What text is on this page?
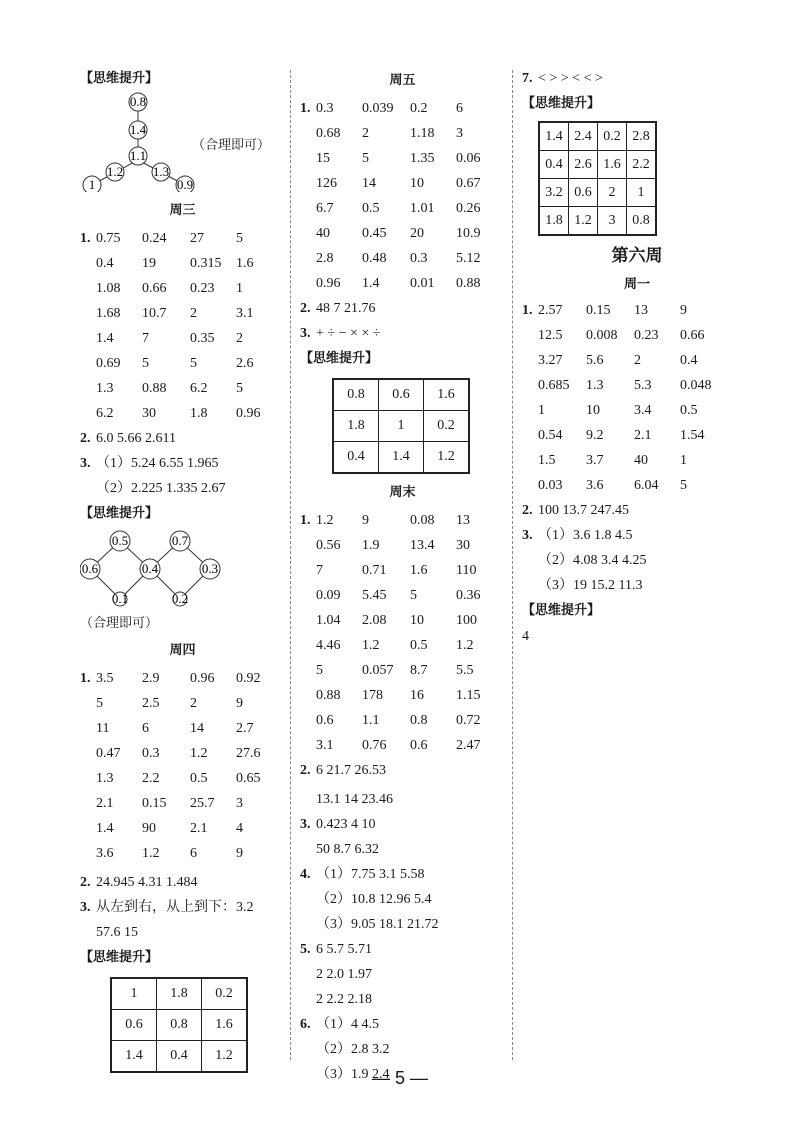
【思维提升】
0.8
1.4
1.1
1.2
1
1.3
0.9
（合理即可）
周三
1. 0.75 0.24 27 5
0.4 19 0.315 1.6
1.08 0.66 0.23 1
1.68 10.7 2	3.1
1.4 7	0.35 2
0.69 5	5	2.6
1.3 0.88 6.2 5
6.2 30 1.8 0.96
2. 6.0 5.66 2.611
3. （1）5.24 6.55 1.965
（2）2.225 1.335 2.67
【思维提升】
0.5	0.7
0.6	0.4	0.3
0.1	0.2
（合理即可）
周四
1. 3.5 2.9 0.96 0.92
5	2.5 2	9
11 6	14 2.7
0.47 0.3 1.2 27.6
1.3 2.2 0.5 0.65
2.1 0.15 25.7 3
1.4 90 2.1 4
3.6 1.2 6	9
2. 24.945 4.31 1.484
3. 从左到右，从上到下：3.2
57.6 15
【思维提升】
1	1.8	0.2
0.6	0.8	1.6
1.4	0.4	1.2
周五
1. 0.3 0.039 0.2 6
0.68 2	1.18 3
15 5	1.35 0.06
126 14 10 0.67
6.7 0.5 1.01 0.26
40 0.45 20 10.9
2.8 0.48 0.3 5.12
0.96 1.4 0.01 0.88
2. 48 7 21.76
3. + ÷ − × × ÷
【思维提升】
0.8	0.6	1.6
1.8	1	0.2
0.4	1.4	1.2
周末
1. 1.2 9	0.08 13
0.56 1.9 13.4 30
7	0.71 1.6 110
0.09 5.45 5	0.36
1.04 2.08 10 100
4.46 1.2 0.5 1.2
5	0.057 8.7 5.5
0.88 178 16 1.15
0.6 1.1 0.8 0.72
3.1 0.76 0.6 2.47
2. 6 21.7 26.53
13.1 14 23.46
3. 0.423 4 10
50 8.7 6.32
4. （1）7.75 3.1 5.58
（2）10.8 12.96 5.4
（3）9.05 18.1 21.72
5. 6 5.7 5.71
2 2.0 1.97
2 2.2 2.18
6. （1）4 4.5
（2）2.8 3.2
（3）1.9 2.4
7. < > > < < >
【思维提升】
1.4	2.4	0.2	2.8
0.4	2.6	1.6	2.2
3.2	0.6	2	1
1.8	1.2	3	0.8
第六周
周一
1. 2.57 0.15 13 9
12.5 0.008 0.23 0.66
3.27 5.6 2	0.4
0.685 1.3 5.3 0.048
1	10 3.4 0.5
0.54 9.2 2.1 1.54
1.5 3.7 40 1
0.03 3.6 6.04 5
2. 100 13.7 247.45
3. （1）3.6 1.8 4.5
（2）4.08 3.4 4.25
（3）19 15.2 11.3
【思维提升】
4
— 5 —
